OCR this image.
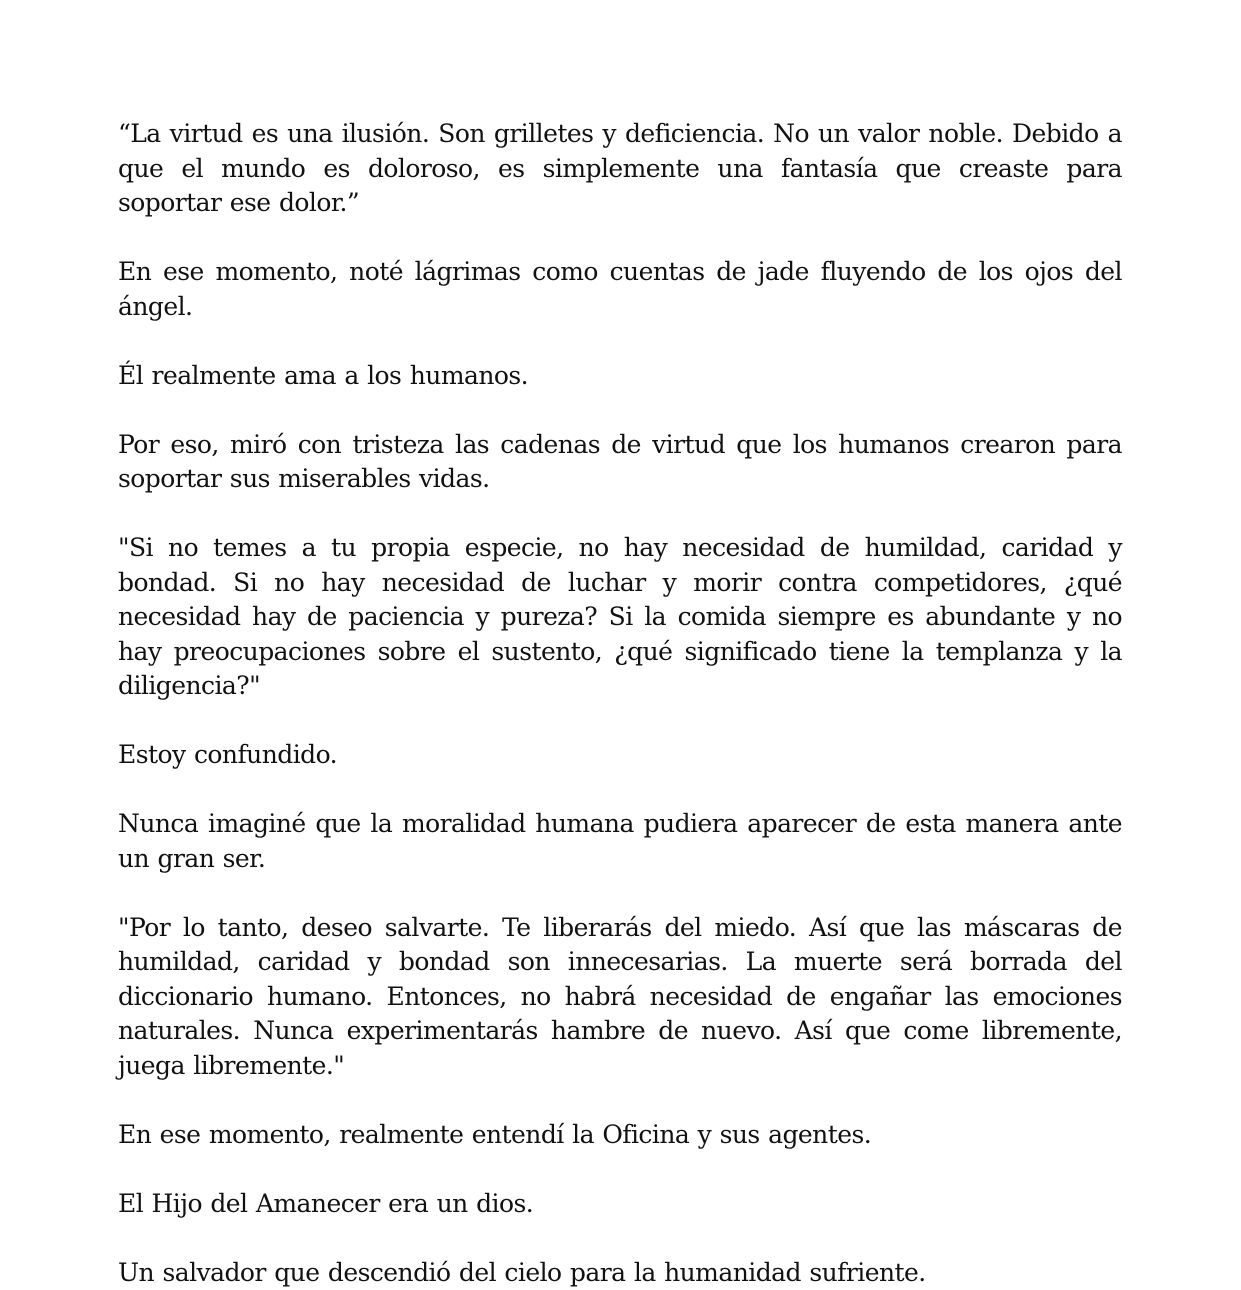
“La virtud es una ilusión. Son grilletes y deficiencia. No un valor noble. Debido a que el mundo es doloroso, es simplemente una fantasía que creaste para soportar ese dolor.”

En ese momento, noté lágrimas como cuentas de jade fluyendo de los ojos del ángel.

Él realmente ama a los humanos.

Por eso, miró con tristeza las cadenas de virtud que los humanos crearon para soportar sus miserables vidas.

"Si no temes a tu propia especie, no hay necesidad de humildad, caridad y bondad. Si no hay necesidad de luchar y morir contra competidores, ¿qué necesidad hay de paciencia y pureza? Si la comida siempre es abundante y no hay preocupaciones sobre el sustento, ¿qué significado tiene la templanza y la diligencia?"

Estoy confundido.

Nunca imaginé que la moralidad humana pudiera aparecer de esta manera ante un gran ser.

"Por lo tanto, deseo salvarte. Te liberarás del miedo. Así que las máscaras de humildad, caridad y bondad son innecesarias. La muerte será borrada del diccionario humano. Entonces, no habrá necesidad de engañar las emociones naturales. Nunca experimentarás hambre de nuevo. Así que come libremente, juega libremente."

En ese momento, realmente entendí la Oficina y sus agentes.

El Hijo del Amanecer era un dios.

Un salvador que descendió del cielo para la humanidad sufriente.
